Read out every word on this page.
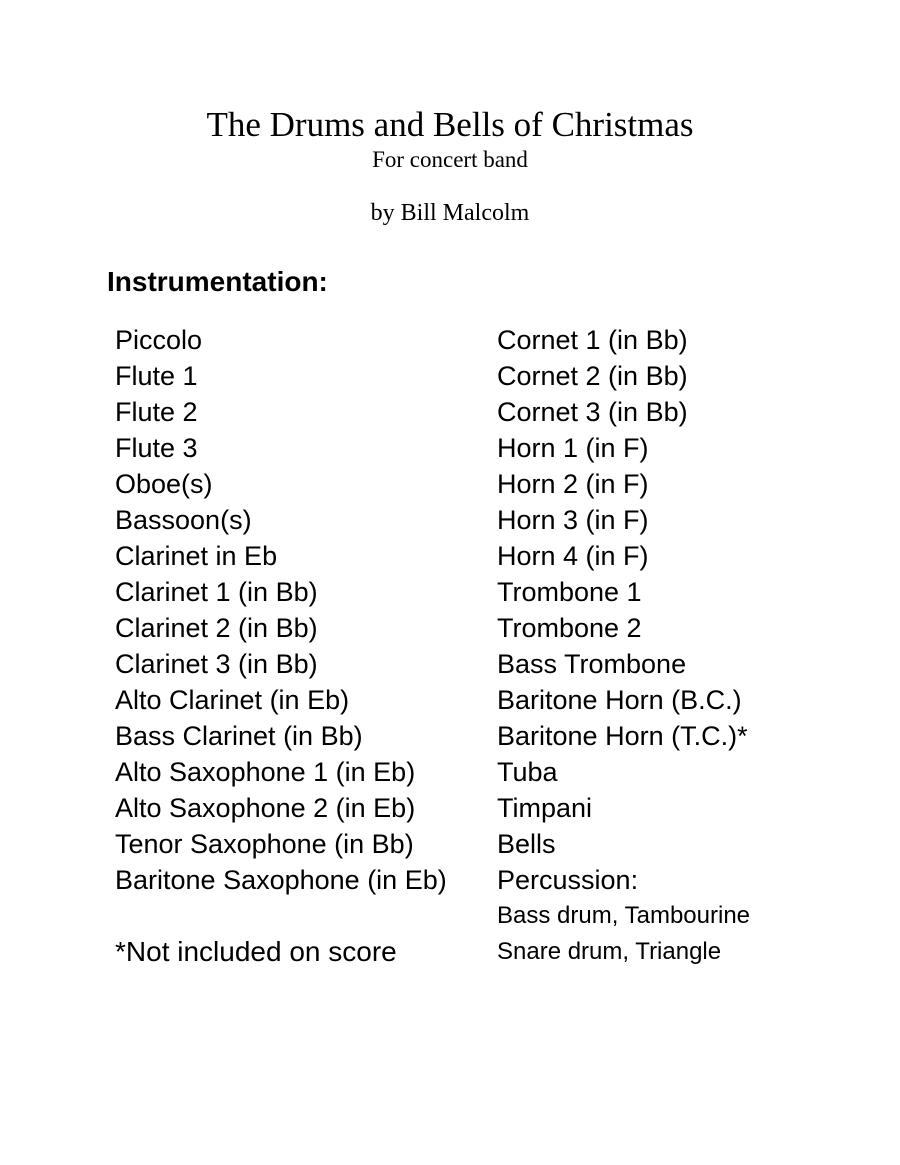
The Drums and Bells of Christmas
For concert band
by Bill Malcolm
Instrumentation:
Piccolo
Flute 1
Flute 2
Flute 3
Oboe(s)
Bassoon(s)
Clarinet in Eb
Clarinet 1 (in Bb)
Clarinet 2 (in Bb)
Clarinet 3 (in Bb)
Alto Clarinet (in Eb)
Bass Clarinet (in Bb)
Alto Saxophone 1 (in Eb)
Alto Saxophone 2 (in Eb)
Tenor Saxophone (in Bb)
Baritone Saxophone (in Eb)
*Not included on score
Cornet 1 (in Bb)
Cornet 2 (in Bb)
Cornet 3 (in Bb)
Horn 1 (in F)
Horn 2 (in F)
Horn 3 (in F)
Horn 4 (in F)
Trombone 1
Trombone 2
Bass Trombone
Baritone Horn (B.C.)
Baritone Horn (T.C.)*
Tuba
Timpani
Bells
Percussion:
Bass drum, Tambourine
Snare drum, Triangle
